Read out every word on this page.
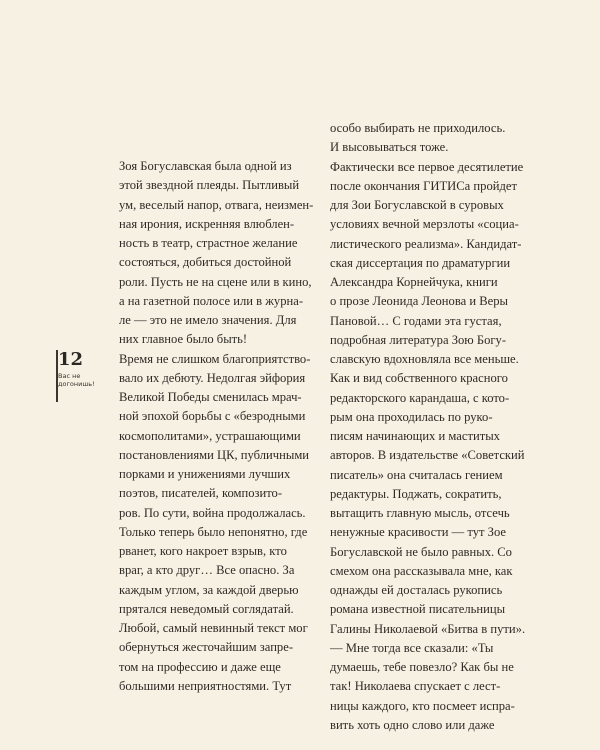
12
Вас не
догонишь!
Зоя Богуславская была одной из
этой звездной плеяды. Пытливый
ум, веселый напор, отвага, неизмен-
ная ирония, искренняя влюблен-
ность в театр, страстное желание
состояться, добиться достойной
роли. Пусть не на сцене или в кино,
а на газетной полосе или в журна-
ле — это не имело значения. Для
них главное было быть!
Время не слишком благоприятство-
вало их дебюту. Недолгая эйфория
Великой Победы сменилась мрач-
ной эпохой борьбы с «безродными
космополитами», устрашающими
постановлениями ЦК, публичными
порками и унижениями лучших
поэтов, писателей, композито-
ров. По сути, война продолжалась.
Только теперь было непонятно, где
рванет, кого накроет взрыв, кто
враг, а кто друг… Все опасно. За
каждым углом, за каждой дверью
прятался неведомый соглядатай.
Любой, самый невинный текст мог
обернуться жесточайшим запре-
том на профессию и даже еще
большими неприятностями. Тут
особо выбирать не приходилось.
И высовываться тоже.
Фактически все первое десятилетие
после окончания ГИТИСа пройдет
для Зои Богуславской в суровых
условиях вечной мерзлоты «социа-
листического реализма». Кандидат-
ская диссертация по драматургии
Александра Корнейчука, книги
о прозе Леонида Леонова и Веры
Пановой… С годами эта густая,
подробная литература Зою Богу-
славскую вдохновляла все меньше.
Как и вид собственного красного
редакторского карандаша, с кото-
рым она проходилась по руко-
писям начинающих и маститых
авторов. В издательстве «Советский
писатель» она считалась гением
редактуры. Поджать, сократить,
вытащить главную мысль, отсечь
ненужные красивости — тут Зое
Богуславской не было равных. Со
смехом она рассказывала мне, как
однажды ей досталась рукопись
романа известной писательницы
Галины Николаевой «Битва в пути».
— Мне тогда все сказали: «Ты
думаешь, тебе повезло? Как бы не
так! Николаева спускает с лест-
ницы каждого, кто посмеет испра-
вить хоть одно слово или даже
